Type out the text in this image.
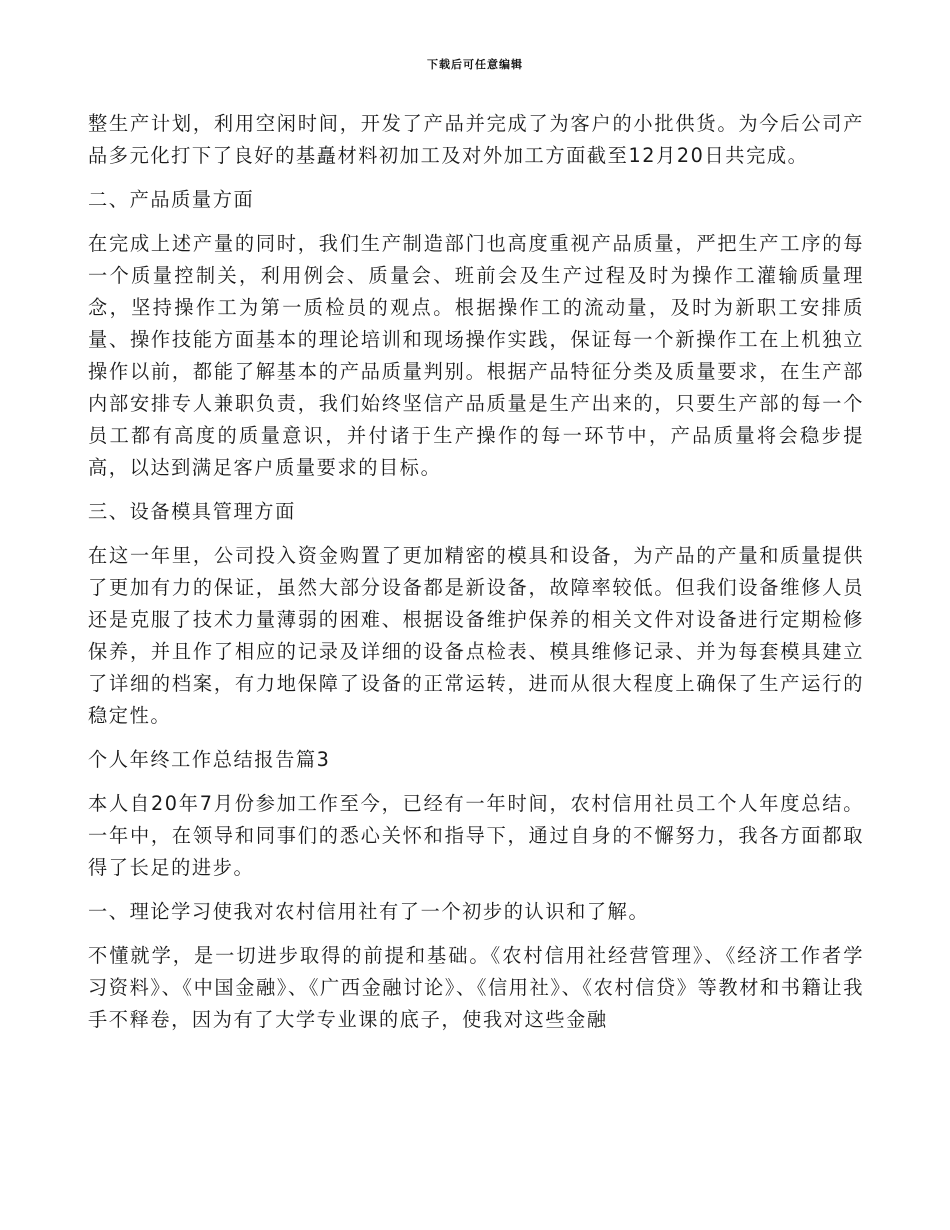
下载后可任意编辑

整生产计划，利用空闲时间，开发了产品并完成了为客户的小批供货。为今后公司产品多元化打下了良好的基矗材料初加工及对外加工方面截至12月20日共完成。

二、产品质量方面

在完成上述产量的同时，我们生产制造部门也高度重视产品质量，严把生产工序的每一个质量控制关，利用例会、质量会、班前会及生产过程及时为操作工灌输质量理念，坚持操作工为第一质检员的观点。根据操作工的流动量，及时为新职工安排质量、操作技能方面基本的理论培训和现场操作实践，保证每一个新操作工在上机独立操作以前，都能了解基本的产品质量判别。根据产品特征分类及质量要求，在生产部内部安排专人兼职负责，我们始终坚信产品质量是生产出来的，只要生产部的每一个员工都有高度的质量意识，并付诸于生产操作的每一环节中，产品质量将会稳步提高，以达到满足客户质量要求的目标。

三、设备模具管理方面

在这一年里，公司投入资金购置了更加精密的模具和设备，为产品的产量和质量提供了更加有力的保证，虽然大部分设备都是新设备，故障率较低。但我们设备维修人员还是克服了技术力量薄弱的困难、根据设备维护保养的相关文件对设备进行定期检修保养，并且作了相应的记录及详细的设备点检表、模具维修记录、并为每套模具建立了详细的档案，有力地保障了设备的正常运转，进而从很大程度上确保了生产运行的稳定性。

个人年终工作总结报告篇3

本人自20年7月份参加工作至今，已经有一年时间，农村信用社员工个人年度总结。一年中，在领导和同事们的悉心关怀和指导下，通过自身的不懈努力，我各方面都取得了长足的进步。

一、理论学习使我对农村信用社有了一个初步的认识和了解。

不懂就学，是一切进步取得的前提和基础。《农村信用社经营管理》、《经济工作者学习资料》、《中国金融》、《广西金融讨论》、《信用社》、《农村信贷》等教材和书籍让我手不释卷，因为有了大学专业课的底子，使我对这些金融
